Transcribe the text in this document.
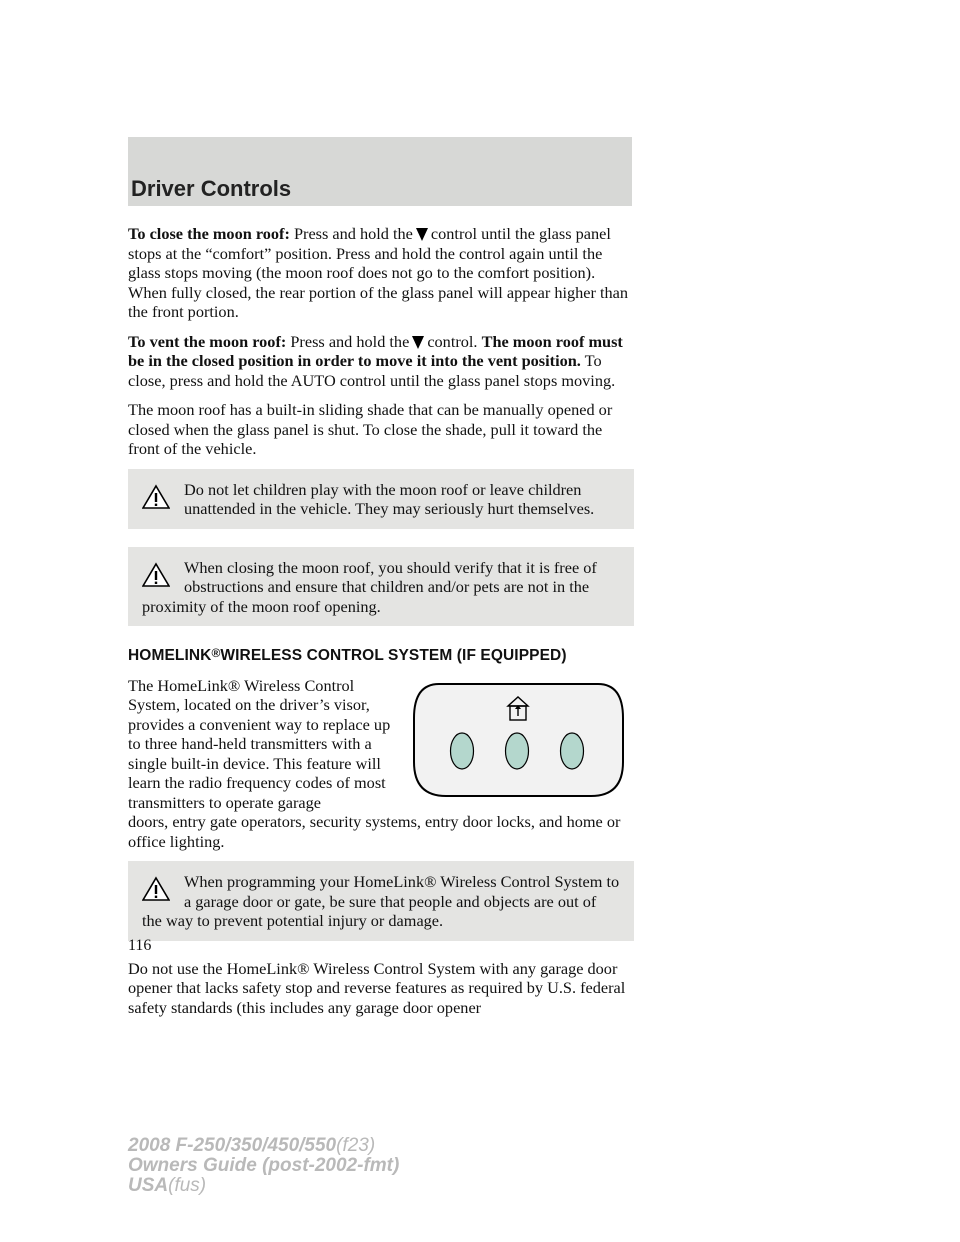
Driver Controls

To close the moon roof: Press and hold the control until the glass panel stops at the “comfort” position. Press and hold the control again until the glass stops moving (the moon roof does not go to the comfort position). When fully closed, the rear portion of the glass panel will appear higher than the front portion.

To vent the moon roof: Press and hold the control. The moon roof must be in the closed position in order to move it into the vent position. To close, press and hold the AUTO control until the glass panel stops moving.

The moon roof has a built-in sliding shade that can be manually opened or closed when the glass panel is shut. To close the shade, pull it toward the front of the vehicle.

Do not let children play with the moon roof or leave children unattended in the vehicle. They may seriously hurt themselves.
When closing the moon roof, you should verify that it is free of obstructions and ensure that children and/or pets are not in the
proximity of the moon roof opening.
HOMELINK®WIRELESS CONTROL SYSTEM (IF EQUIPPED)

The HomeLink® Wireless Control System, located on the driver’s visor, provides a convenient way to replace up to three hand-held transmitters with a single built-in device. This feature will learn the radio frequency codes of most transmitters to operate garage
doors, entry gate operators, security systems, entry door locks, and home or office lighting.

When programming your HomeLink® Wireless Control System to a garage door or gate, be sure that people and objects are out of
the way to prevent potential injury or damage.

Do not use the HomeLink® Wireless Control System with any garage door opener that lacks safety stop and reverse features as required by U.S. federal safety standards (this includes any garage door opener

116
2008 F-250/350/450/550(f23)
Owners Guide (post-2002-fmt)
USA(fus)
